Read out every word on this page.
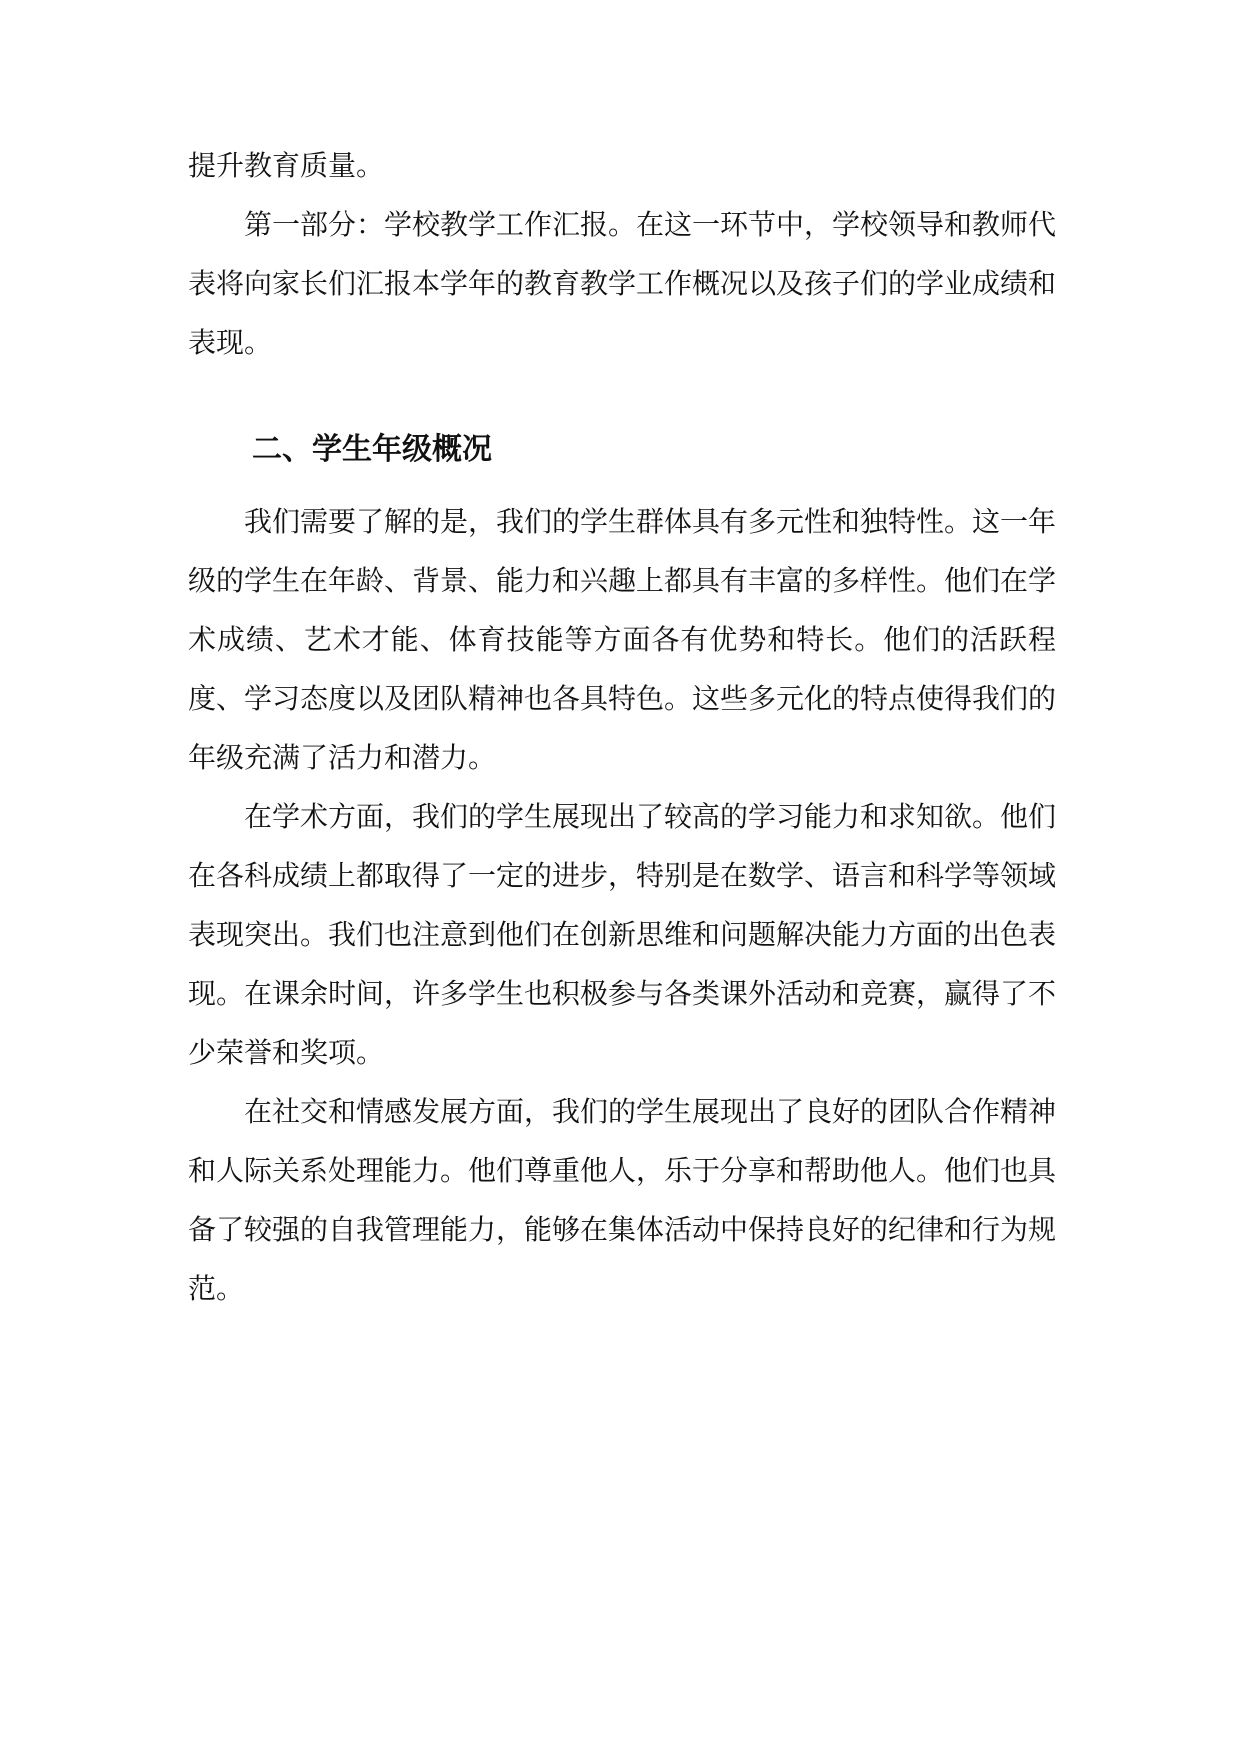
提升教育质量。

第一部分：学校教学工作汇报。在这一环节中，学校领导和教师代表将向家长们汇报本学年的教育教学工作概况以及孩子们的学业成绩和表现。

二、学生年级概况

我们需要了解的是，我们的学生群体具有多元性和独特性。这一年级的学生在年龄、背景、能力和兴趣上都具有丰富的多样性。他们在学术成绩、艺术才能、体育技能等方面各有优势和特长。他们的活跃程度、学习态度以及团队精神也各具特色。这些多元化的特点使得我们的年级充满了活力和潜力。

在学术方面，我们的学生展现出了较高的学习能力和求知欲。他们在各科成绩上都取得了一定的进步，特别是在数学、语言和科学等领域表现突出。我们也注意到他们在创新思维和问题解决能力方面的出色表现。在课余时间，许多学生也积极参与各类课外活动和竞赛，赢得了不少荣誉和奖项。

在社交和情感发展方面，我们的学生展现出了良好的团队合作精神和人际关系处理能力。他们尊重他人，乐于分享和帮助他人。他们也具备了较强的自我管理能力，能够在集体活动中保持良好的纪律和行为规范。
